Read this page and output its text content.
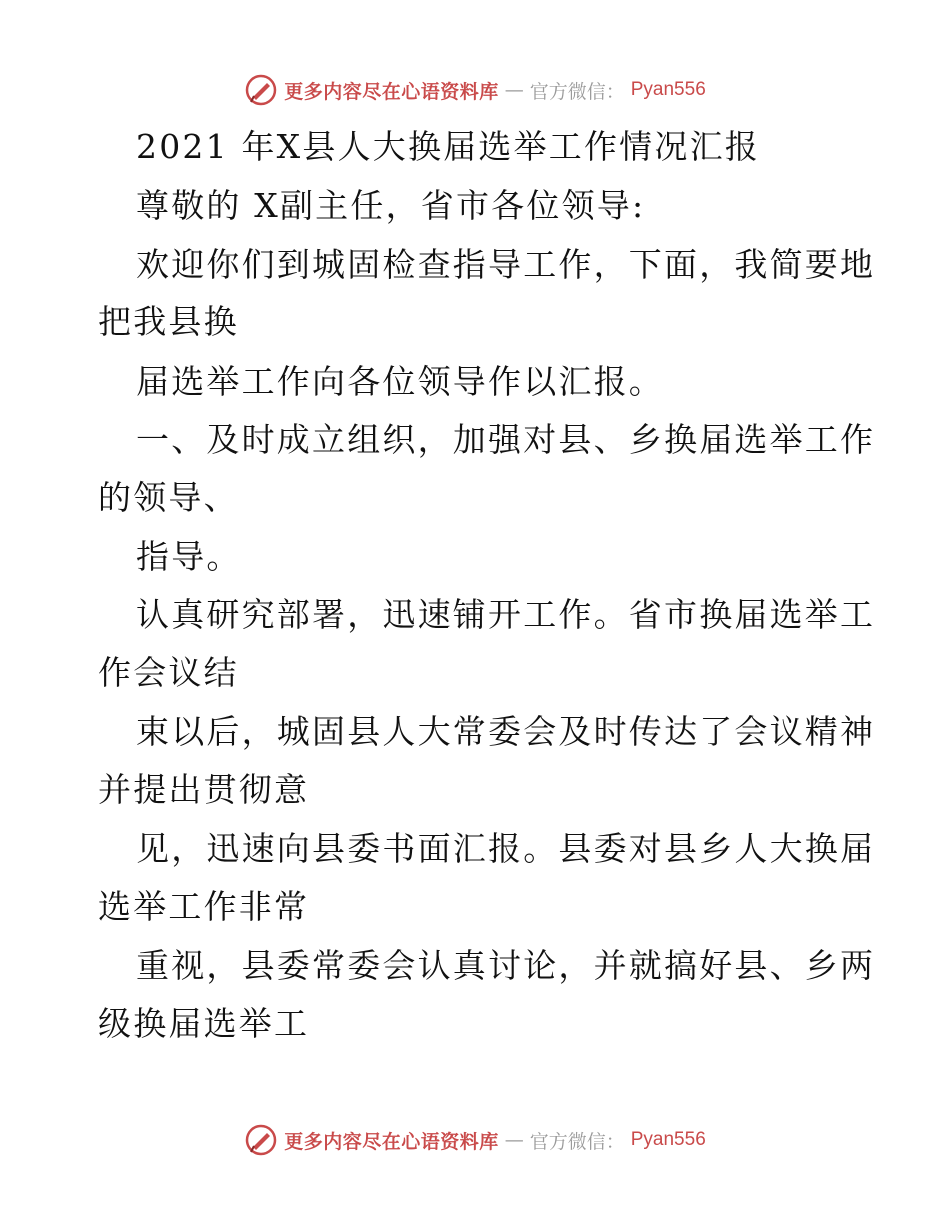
更多内容尽在心语资料库 — 官方微信： Pyan556
2021 年X县人大换届选举工作情况汇报
尊敬的 X副主任，省市各位领导:
欢迎你们到城固检查指导工作，下面，我简要地
把我县换
届选举工作向各位领导作以汇报。
一、及时成立组织，加强对县、乡换届选举工作
的领导、
指导。
认真研究部署，迅速铺开工作。省市换届选举工
作会议结
束以后，城固县人大常委会及时传达了会议精神
并提出贯彻意
见，迅速向县委书面汇报。县委对县乡人大换届
选举工作非常
重视，县委常委会认真讨论，并就搞好县、乡两
级换届选举工
更多内容尽在心语资料库 — 官方微信： Pyan556
